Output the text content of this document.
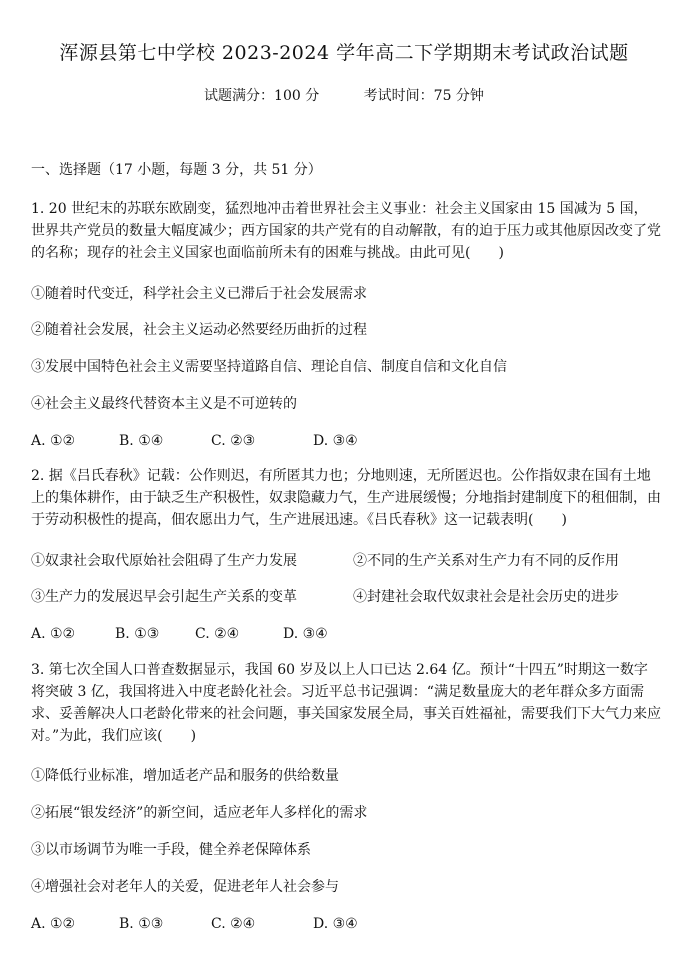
浑源县第七中学校 2023-2024 学年高二下学期期末考试政治试题
试题满分：100 分	考试时间：75 分钟
一、选择题（17 小题，每题 3 分，共 51 分）
1. 20 世纪末的苏联东欧剧变，猛烈地冲击着世界社会主义事业：社会主义国家由 15 国减为 5 国，世界共产党员的数量大幅度减少；西方国家的共产党有的自动解散，有的迫于压力或其他原因改变了党的名称；现存的社会主义国家也面临前所未有的困难与挑战。由此可见(　　)
①随着时代变迁，科学社会主义已滞后于社会发展需求
②随着社会发展，社会主义运动必然要经历曲折的过程
③发展中国特色社会主义需要坚持道路自信、理论自信、制度自信和文化自信
④社会主义最终代替资本主义是不可逆转的
A. ①②	B. ①④	C. ②③	D. ③④
2. 据《吕氏春秋》记载：公作则迟，有所匿其力也；分地则速，无所匿迟也。公作指奴隶在国有土地上的集体耕作，由于缺乏生产积极性，奴隶隐藏力气，生产进展缓慢；分地指封建制度下的租佃制，由于劳动积极性的提高，佃农愿出力气，生产进展迅速。《吕氏春秋》这一记载表明(　　)
①奴隶社会取代原始社会阻碍了生产力发展	②不同的生产关系对生产力有不同的反作用
③生产力的发展迟早会引起生产关系的变革	④封建社会取代奴隶社会是社会历史的进步
A. ①②	B. ①③	C. ②④	D. ③④
3. 第七次全国人口普查数据显示，我国 60 岁及以上人口已达 2.64 亿。预计“十四五”时期这一数字将突破 3 亿，我国将进入中度老龄化社会。习近平总书记强调：“满足数量庞大的老年群众多方面需求、妥善解决人口老龄化带来的社会问题，事关国家发展全局，事关百姓福祉，需要我们下大气力来应对。”为此，我们应该(　　)
①降低行业标准，增加适老产品和服务的供给数量
②拓展“银发经济”的新空间，适应老年人多样化的需求
③以市场调节为唯一手段，健全养老保障体系
④增强社会对老年人的关爱，促进老年人社会参与
A. ①②	B. ①③	C. ②④	D. ③④
